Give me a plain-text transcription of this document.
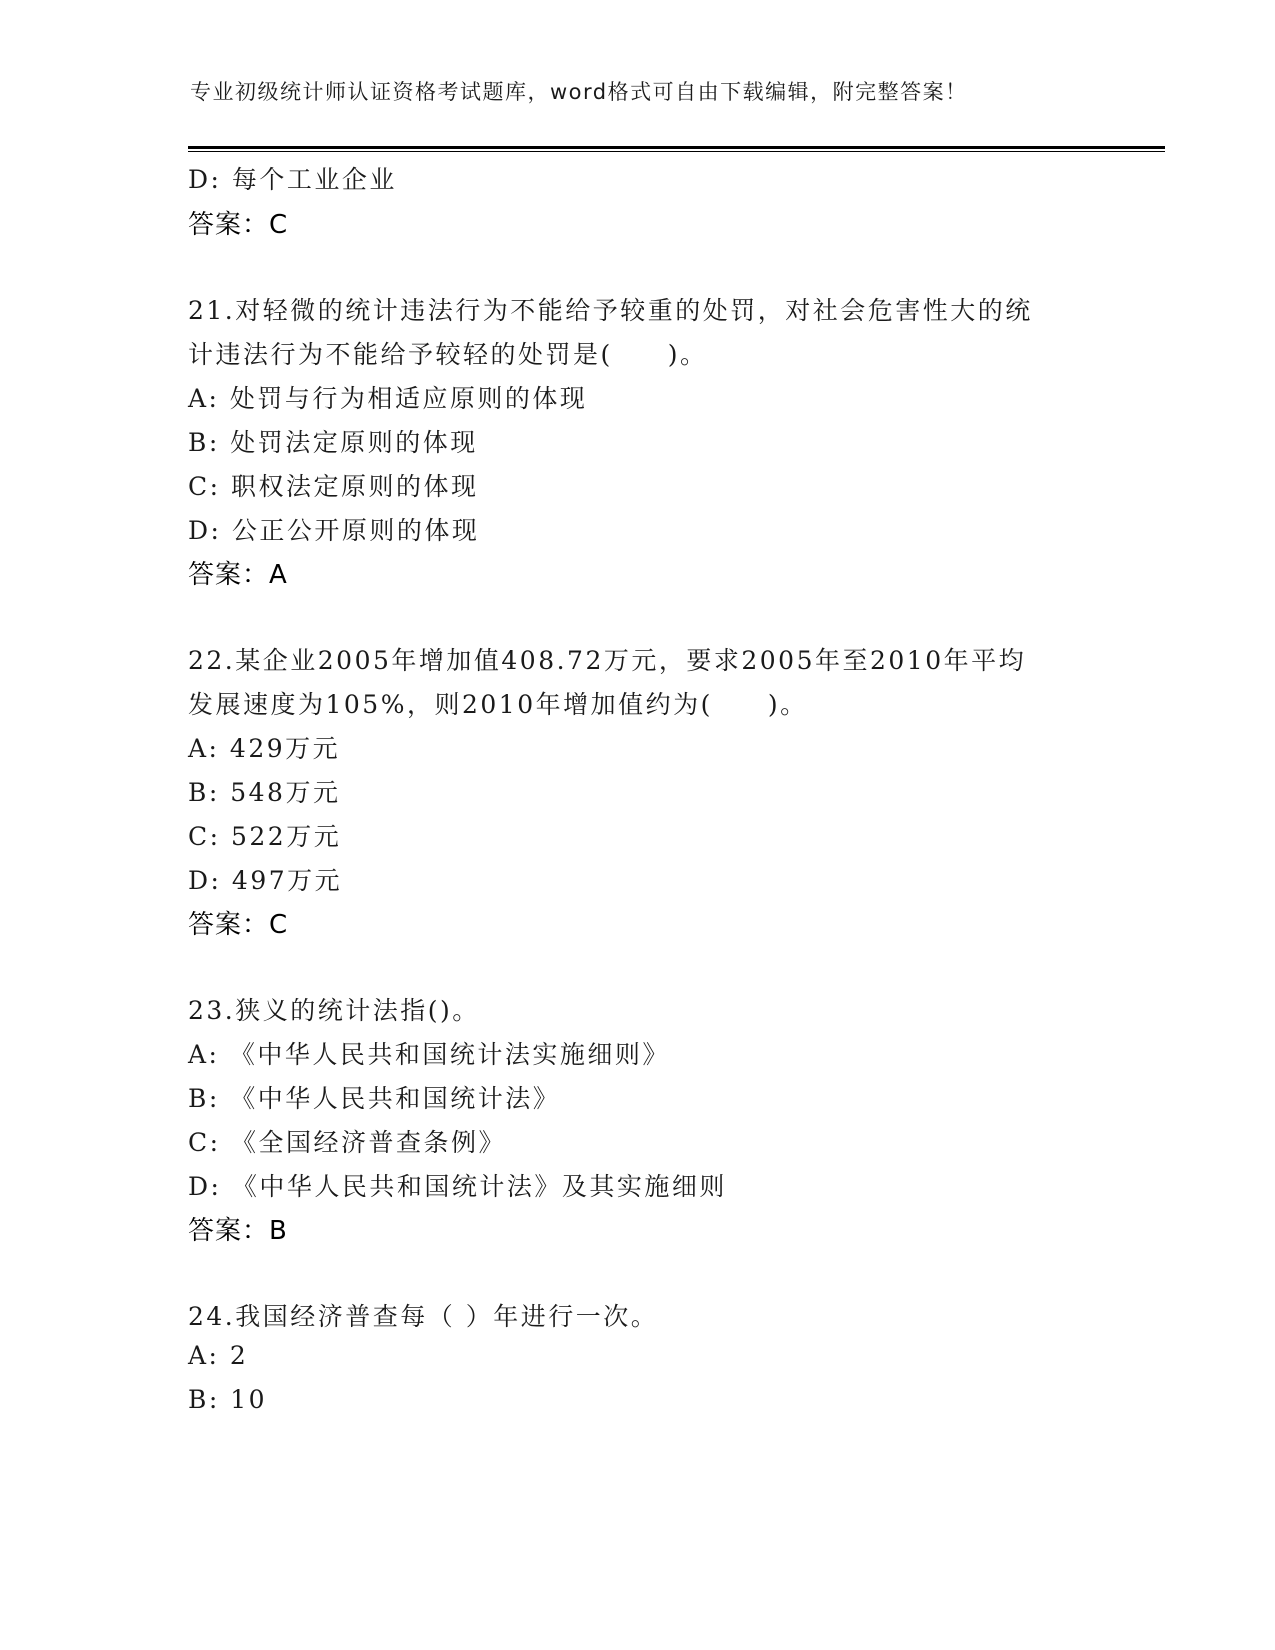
专业初级统计师认证资格考试题库，word格式可自由下载编辑，附完整答案！
D: 每个工业企业
答案：C
21.对轻微的统计违法行为不能给予较重的处罚，对社会危害性大的统
计违法行为不能给予较轻的处罚是(　　)。
A: 处罚与行为相适应原则的体现
B: 处罚法定原则的体现
C: 职权法定原则的体现
D: 公正公开原则的体现
答案：A
22.某企业2005年增加值408.72万元，要求2005年至2010年平均
发展速度为105%，则2010年增加值约为(　　)。
A: 429万元
B: 548万元
C: 522万元
D: 497万元
答案：C
23.狭义的统计法指()。
A: 《中华人民共和国统计法实施细则》
B: 《中华人民共和国统计法》
C: 《全国经济普查条例》
D: 《中华人民共和国统计法》及其实施细则
答案：B
24.我国经济普查每（ ）年进行一次。
A: 2
B: 10
